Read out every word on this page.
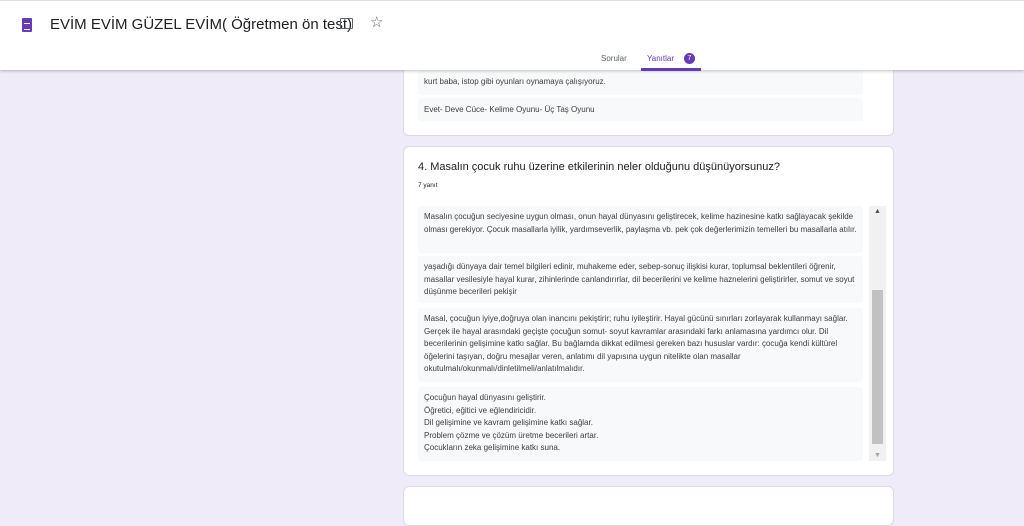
EVİM EVİM GÜZEL EVİM( Öğretmen ön test) ☆
Sorular	Yanıtlar	7
kurt baba, istop gibi oyunları oynamaya çalışıyoruz.
Evet- Deve Cüce- Kelime Oyunu- Üç Taş Oyunu
4. Masalın çocuk ruhu üzerine etkilerinin neler olduğunu düşünüyorsunuz?
7 yanıt
Masalın çocuğun seciyesine uygun olması, onun hayal dünyasını geliştirecek, kelime hazinesine katkı sağlayacak şekilde olması gerekiyor. Çocuk masallarla iyilik, yardımseverlik, paylaşma vb. pek çok değerlerimizin temelleri bu masallarla atılır.
yaşadığı dünyaya dair temel bilgileri edinir, muhakeme eder, sebep-sonuç ilişkisi kurar, toplumsal beklentileri öğrenir, masallar vesilesiyle hayal kurar, zihinlerinde canlandırırlar, dil becerilerini ve kelime haznelerini geliştirirler, somut ve soyut düşünme becerileri pekişir
Masal, çocuğun iyiye,doğruya olan inancını pekiştirir; ruhu iyileştirir. Hayal gücünü sınırları zorlayarak kullanmayı sağlar. Gerçek ile hayal arasındaki geçişte çocuğun somut- soyut kavramlar arasındaki farkı anlamasına yardımcı olur. Dil becerilerinin gelişimine katkı sağlar. Bu bağlamda dikkat edilmesi gereken bazı hususlar vardır: çocuğa kendi kültürel öğelerini taşıyan, doğru mesajlar veren, anlatımı dil yapısına uygun nitelikte olan masallar okutulmalı/okunmalı/dinletilmeli/anlatılmalıdır.
Çocuğun hayal dünyasını geliştirir.
Öğretici, eğitici ve eğlendiricidir.
Dil gelişimine ve kavram gelişimine katkı sağlar.
Problem çözme ve çözüm üretme becerileri artar.
Çocukların zeka gelişimine katkı suna.
▲
▼
